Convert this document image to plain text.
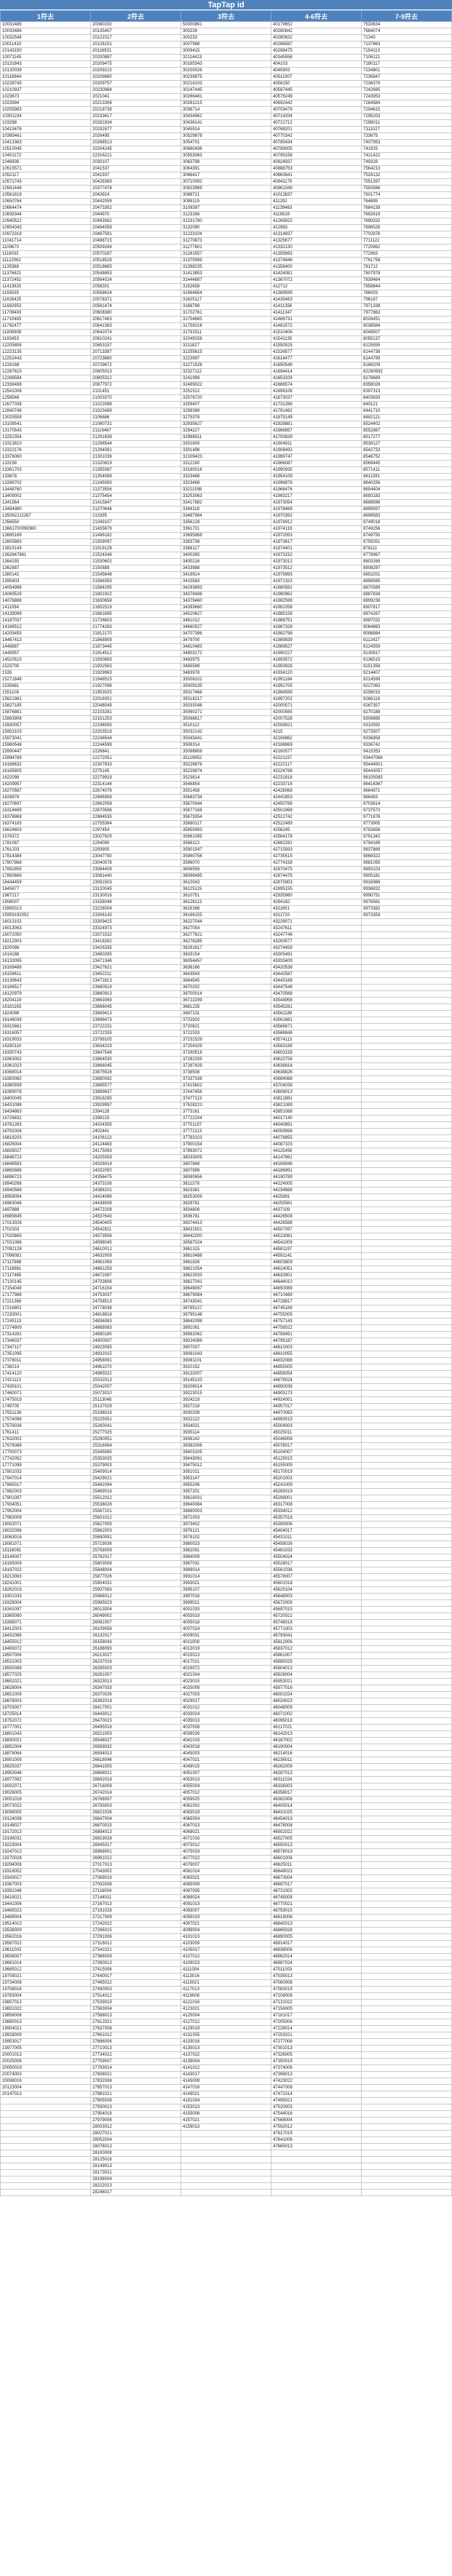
TapTap id
1符去	2符去	3符去	4-6符去	7-9符去
10031485	20080150	50000861	40179652	7533634
10033486	20135407	300226	40280842	7684074
10032548	20122317	300233	40280632	71340
10011410	20126151	3007988	40286587	7137863
10143150	20116921	3009415	40298475	7154113
10071145	20200887	32114413	40345558	7106121
10131843	20209475	30185343	404103	7180117
10130039	20209215	30200026	4045903	7234801
10118944	20209680	30239875	40511907	7236847
10228745	20209757	30216103	4058150	7236379
10210937	20230984	30247445	40587445	7242685
1023673	2021041	30266481	40576249	7243953
1023994	20213306	30281215	40692442	7284584
10255983	20218739	3036714	40703479	7294615
10301234	20233617	30434962	40714334	7295203
103298	20281834	30436141	40721712	7298011
10419476	20292877	3045914	40768201	7311027
10385461	2026495	30529878	40770342	733675
10413363	20268513	3054701	40785434	7407953
10510045	20204245	30680436	40789005	741925
10451172	22316221	30553063	40795156	7421422
1046836	2030107	3063798	40824837	749328
10515571	2041537	3064391	40888753	7564213
1052117	2041937	3066417	40863641	7528132
10571743	30428369	30710092	40941179	7551397
10581446	20377478	30823969	40961049	7593566
10561818	2043924	3088721	41013837	7601774
10650764	20442059	3099119	411292	764895
10664474	20473302	3109397	41139463	7684139
10838344	2044970	3123166	4116528	7692619
10940522	20493062	31231780	41265822	7690332
10954343	20494058	3132090	412983	7696526
10972319	20487591	31233104	41314837	7702876
11041714	20498715	31270873	41325677	7711122
1109670	20509284	31277601	41332130	7720862
1118033	20570187	31281557	41355693	772963
11122062	20518528	31375999	41374848	7761758
1135368	20518665	31398235	41358400	781712
11376821	20548653	31413853	41424081	7807978
11372452	20564024	31444687	41367072	7839484
11413633	2058301	3152658	412712	7858844
1155035	20558624	31564654	41389599	786003
11628425	20578371	31625117	41435463	796187
11682953	20581474	3168798	41411356	7971338
11709403	20608380	31702761	41411347	7977863
11710483	20617463	31754665	41466731	8026451
11782477	20641383	31759218	41481572	8038584
11806908	20642074	31791511	41510406	8049507
1183453	20610241	32049158	41541135	8055137
12205808	20653157	3211827	41550525	8125555
12223135	20713397	32255615	41526577	8144738
12252443	20723880	3223997	41616477	8144799
1228168	20729672	32271526	41650548	8168209
12287615	20805013	32327112	41694414	82290592
12288584	20805312	3241998	41653329	8278669
12338498	20877972	32489022	41686574	8358028
12541008	2101451	3251512	41699108	8397313
1258548	21003370	32576720	41673037	8403833
12677038	21022088	3259407	41731286	840121
12840746	21023489	3299389	41781462	8441710
13025559	2106686	3275378	41875149	8482121
13108541	21080731	32935627	41928881	8524402
13170543	21116467	3294227	41966857	8552867
13252354	21291839	32988511	41793839	8517277
13313810	21298544	3301600	41904911	8539127
13322176	21294081	3301498	41908493	8542733
13376060	21301039	32109423	41969747	8548752
133158	21320819	3312190	41966087	8569445
13361703	21355087	33180016	41990935	8571411
133678	21354068	3323468	41954109	8611391
13398702	21345083	3323468	41996876	8640256
13448760	21373556	33211598	41968476	8654404
13409002	21375454	33253063	41983217	8693183
1341564	21415847	33417882	41973054	8698596
13484980	21370648	3348118	41978469	8699597
1350622J2267	213395	33487984	41970392	8699583
1356550	21349107	3356128	41974912	8749018
13661700099360	21455679	3361701	41974119	8749256
13695169	21486182	33695868	41972053	8749750
13805883	21509097	3383738	41973617	8755051
13815143	21519128	3388117	41974401	878111
1362847861	21524349	3400265	41973152	8779967
1364155	21530602	3400216	41973012	8803269
1362887	2150889	3433988	41973512	8808297
1380142	21545648	3419914	41979993	8853201
1395803	21568355	3415583	41971323	8858595
14054998	21584295	34293693	41980582	8870589
14069529	21801922	34378488	41980962	8887834
14076888	21630658	34379460	41982599	8899238
1411094	21652519	34393660	41981058	8907817
14139099	21661695	34520627	41985159	8974267
14187037	21726603	3461012	41986751	8997032
14186512	21774283	34660527	41987328	9064863
14205455	21812170	34707396	41982798	9098884
14467413	21868909	3479700	41989939	9112427
1448887	21873445	34810483	41989527	9124559
1449957	21914512	34803172	41990227	9130817
14520515	21930893	3483975	41993572	9136515
1523700	21932563	3485599	41993928	9151358
1535	21929963	3483978	41934120	9214407
15271848	21948515	35008102	41991184	9214599
1535681	21927098	35009135	41991705	9227063
1551108	21953025	35017468	41994599	9256015
15621981	22016001	35018217	41997202	9266118
15827185	22048049	35033048	42000571	9267357
15876881	22103281	35060271	42000565	9270189
15883908	22151253	35068617	42007528	9306885
15930057	22198093	3510112	42008921	9310592
15953103	22203519	35032142	4215	9273507
15973041	22246544	35043441	42169862	9336858
15980548	22244599	3506314	42188869	9336742
15990447	2226841	35098808	42160577	9415353
15994789	22272051	35119952	42221157	93447066
16186632	22307833	35226878	42222117	95444501
16185805	2275145	35229874	42224788	95443057
1622098	22279919	3523814	42231818	96105085
16209957	22314144	3546854	42233716	96416367
16270587	22674076	3551458	42428068	9664971
1626878	22686958	35683734	42441853	966483
16270697	22662058	35670044	42450789	9703814
16318469	22670596	35677168	42501969	9737573
16378868	22684535	35679354	42512742	9771878
16374183	22755384	35680117	42522489	9773905
16624603	2297454	35855993	4256245	9783856
1576372	23027829	35861095	42564178	9791342
1781087	2294090	3588113	42662281	9794169
1761203	2293905	35901547	42715933	9837869
17814384	23047790	35960756	42735515	9868322
17807868	23040078	3596070	42774158	9881055
17892855	23084409	3606558	42870475	9893103
17850669	23081440	36096495	42874475	9905181
18444459	23081503	3610043	42875903	9916986
1845677	23120045	36125115	42895155	9936832
1987217	23130016	3610751	42935960	9990751
1908007	23158048	36128113	4294182	9976561
15995313	23226004	3618166	4311651	9973382
15959192052	23306143	36186155	4311720	9973359
16013102	23309415	36227044	43229071	
16013063	23324973	3627054	43247611	
16072050	23371532	36277621	43247746	
16212903	23418262	36278285	43263577	
1620088	23426335	36291617	43274459	
1614188	23460285	3633154	43305481	
16133095	23471346	36354457	43333409	
16169466	23427621	3636166	43420538	
16158611	23452211	3643543	43442587	
16139643	23471813	3664545	43443168	
16186517	23680519	3670202	43447548	
16120979	23660913	36700014	43470568	
16204119	23663069	36722299	43544958	
16181163	23666045	3681235	43545281	
1624098	23669413	3687131	43561189	
16146038	23698473	3702920	43561681	
16315661	23722231	3720621	43566671	
16316057	23722335	3721533	43568848	
16319033	23799105	37231529	43574113	
16330110	23834219	37254329	43583198	
16330743	23847548	37290518	43603158	
16363002	23864030	37282339	43623758	
16361023	23866045	37287429	43638818	
16368014	23875528	3738508	43638826	
16383082	23880092	37337338	43684088	
16380939	23885577	37415602	43704039	
16389078	23889637	37447456	43808013	
16400045	23916295	37477113	43812881	
16431098	23929997	37628223	43821089	
16434863	2394128	3773161	43851088	
16726832	2399215	37722204	44017140	
16781283	24024305	37751157	44040891	
16792008	2402441	37772113	44059998	
16818203	24106113	37783103	44078855	
16826004	24124483	37900154	44087103	
16839027	24175093	37893071	44115458	
16846723	24205059	38033009	44147861	
16848583	24326014	3807848	44169948	
16865888	24332050	3807899	44186991	
16896723	24356475	38080656	44190789	
16940268	24373108	3811378	44224005	
16940568	24386101	3823381	44234688	
16958094	24424096	38253009	4425891	
16963048	24438008	3829781	44255581	
1697888	24472208	3834808	4437109	
16985845	24537643	3836781	44426508	
17013028	24540405	38374413	44426588	
1702303	24542811	38431501	44507097	
17020865	24573506	38442200	44523081	
17031086	24598045	38587024	44541009	
17092128	24610012	3861315	44581197	
17096081	24632009	38610488	44591141	
17117988	24661069	3861826	44603809	
17118981	24661259	38621054	44624051	
17117465	24672087	38623033	44633901	
17130145	24703806	38627041	44644010	
17154049	24716154	38649097	44650089	
17177988	24753037	38679084	44710489	
17211368	24758513	38743041	44728817	
17216802	24778038	38785127	44745189	
17233001	24818818	38795148	44755005	
17245113	24836083	38842098	44757143	
17274809	24868083	3891081	44758022	
17314281	24890180	38992062	44789451	
17346037	24900007	39024089	44795187	
17347117	24923095	3907007	44810003	
17351095	24932015	39081043	44810055	
17378011	24958091	39081101	44832088	
1738214	24961070	3910152	44855005	
17414120	24985022	39132007	44858054	
17421113	25032013	39145133	44879024	
17439101	25042007	39206014	44890039	
17460071	25073010	39223015	44905173	
17475019	25113048	3924219	44924001	
1749705	25137029	3927218	44957017	
17551138	25196016	3930208	44970063	
17574098	25225051	3932122	44993015	
17576036	25260041	3934021	45004003	
1761411	25277025	3935114	45025011	
17632002	25290051	3936142	45046008	
17676088	25316064	39382006	45076017	
17700073	25345085	39403105	45104007	
17742052	25353025	39443091	45125015	
17771098	25379003	39475012	45155009	
17801033	25409014	3951011	45170019	
17847014	25429021	3953147	45201003	
17865017	25462094	3955206	45241009	
17882003	25469018	3957201	45265019	
17901097	25512012	39616031	45298001	
17934051	25538028	39640084	45317008	
17952004	25567101	39680003	45334012	
17983009	25601012	3971003	45357018	
18002071	25627005	3973402	45390006	
18032098	25662003	3976121	45404017	
18063016	25690091	3978102	45431011	
18081071	25719036	3980023	45458026	
18116091	25758009	3982091	45481033	
18144007	25782017	3984009	45504024	
18165009	25803008	3987031	45528017	
18197022	25848004	3989014	45561036	
18213063	25877026	3991014	45578007	
18241001	25904031	3993021	45601018	
18262019	25937083	3995107	45625104	
18301033	25968012	3997016	45648003	
18326004	25985023	3999021	45672008	
18341097	26013004	4001033	45697015	
18365080	26049002	4003019	45720022	
18388071	26081007	4005018	45748018	
18412003	26109058	4007024	45771003	
18432066	26132017	4009031	45793041	
18455012	26158043	4011008	45812006	
18483072	26186093	4013019	45837012	
18507006	26213027	4015013	45861007	
18531003	26237016	4017021	45885025	
18550088	26265003	4019072	45904013	
18577025	26291007	4021004	45928004	
18602021	26323013	4023015	45953021	
18628004	26347033	4025009	45977016	
18651009	26370026	4027003	46001024	
18678003	26392018	4029017	46024023	
18703007	26417001	4031012	46048009	
18725014	26443012	4033024	46071002	
18752072	26470023	4035013	46095018	
18777001	26495016	4037008	46117021	
18801043	26521003	4039026	46142013	
18830021	26546027	4041019	46167002	
18852004	26569032	4043018	46190004	
18878064	26594013	4045003	46214016	
18901009	26618046	4047021	46236011	
18925037	26641005	4049015	46262009	
18953046	26668021	4051007	46287013	
18977092	26692018	4053013	46311024	
19002071	26716009	4055004	46336003	
19026005	26742014	4057012	46358017	
19051016	26768007	4059025	46382006	
19073022	26793003	4061002	46405014	
19096005	26821026	4063019	46431025	
19124038	26847004	4065004	46454019	
19148027	26870015	4067013	46478008	
19172013	26894013	4069021	46502022	
19196031	26919028	4071016	46527005	
19223004	26945017	4073012	46550013	
19247013	26968001	4075019	46576019	
19270028	26991022	4077022	46601006	
19294006	27017013	4079007	46625011	
19318052	27043002	4081014	46648023	
19343017	27069019	4083021	46673004	
19367003	27092008	4085009	46697017	
19391048	27118004	4087005	46721002	
19416021	27144011	4089024	46745008	
19441006	27167013	4091013	46770021	
19465023	27191028	4093007	46793015	
19489004	27217009	4095019	46818006	
19514013	27242022	4097021	46842013	
19538009	27266015	4099004	46865028	
19562016	27291006	4101013	46890005	
19587022	27316012	4103009	46914017	
19611003	27341021	4105017	46938006	
19636007	27366009	4107012	46962014	
19661014	27390013	4109023	46987024	
19685012	27415006	4111004	47011003	
19709021	27440017	4113016	47035013	
19734008	27465022	4115021	47060008	
19758016	27490003	4117013	47083019	
19783004	27514012	4119008	47108006	
19807013	27539019	4121016	47131022	
19831022	27563004	4123021	47156005	
19856006	27588013	4125004	47181017	
19880013	27612021	4127012	47205006	
19904021	27637008	4129019	47228014	
19928009	27661012	4131005	47253021	
19953017	27686006	4133016	47277008	
19977005	27710013	4135013	47301013	
20001013	27734022	4137022	47326005	
20025008	27759007	4139004	47350019	
20050019	27783014	4141012	47374006	
20074003	27808021	4143017	47398013	
20098016	27832006	4145009	47423022	
20123004	27857013	4147016	47447008	
20147013	27881021	4149021	47471014	
	27905008	4151004	47495021	
	27930013	4153013	47520003	
	27954019	4155008	47544016	
	27979006	4157021	47568004	
	28003012	4159013	47592012	
	28027021		47617019	
	28052004		47641006	
	28076013		47665013	
	28100008			
	28125016			
	28149013			
	28173021			
	28198004			
	28222013			
	28246017			
